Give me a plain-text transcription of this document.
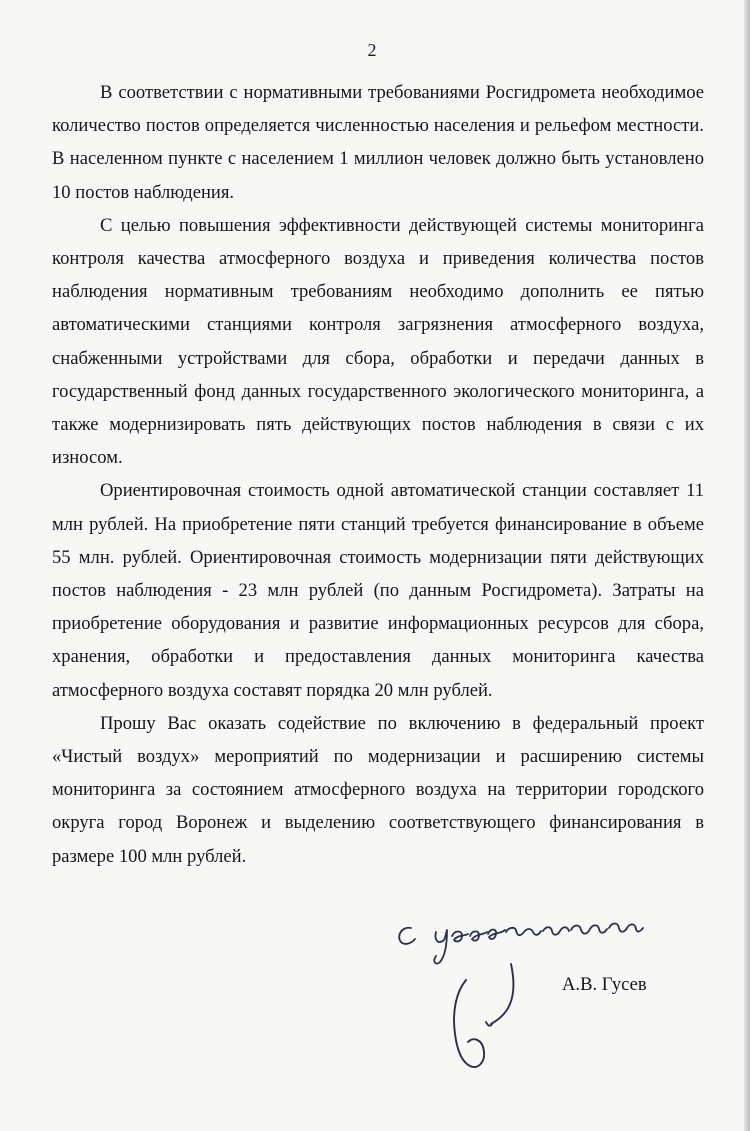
2

В соответствии с нормативными требованиями Росгидромета необходимое количество постов определяется численностью населения и рельефом местности. В населенном пункте с населением 1 миллион человек должно быть установлено 10 постов наблюдения.

С целью повышения эффективности действующей системы мониторинга контроля качества атмосферного воздуха и приведения количества постов наблюдения нормативным требованиям необходимо дополнить ее пятью автоматическими станциями контроля загрязнения атмосферного воздуха, снабженными устройствами для сбора, обработки и передачи данных в государственный фонд данных государственного экологического мониторинга, а также модернизировать пять действующих постов наблюдения в связи с их износом.

Ориентировочная стоимость одной автоматической станции составляет 11 млн рублей. На приобретение пяти станций требуется финансирование в объеме 55 млн. рублей. Ориентировочная стоимость модернизации пяти действующих постов наблюдения - 23 млн рублей (по данным Росгидромета). Затраты на приобретение оборудования и развитие информационных ресурсов для сбора, хранения, обработки и предоставления данных мониторинга качества атмосферного воздуха составят порядка 20 млн рублей.

Прошу Вас оказать содействие по включению в федеральный проект «Чистый воздух» мероприятий по модернизации и расширению системы мониторинга за состоянием атмосферного воздуха на территории городского округа город Воронеж и выделению соответствующего финансирования в размере 100 млн рублей.

А.В. Гусев
